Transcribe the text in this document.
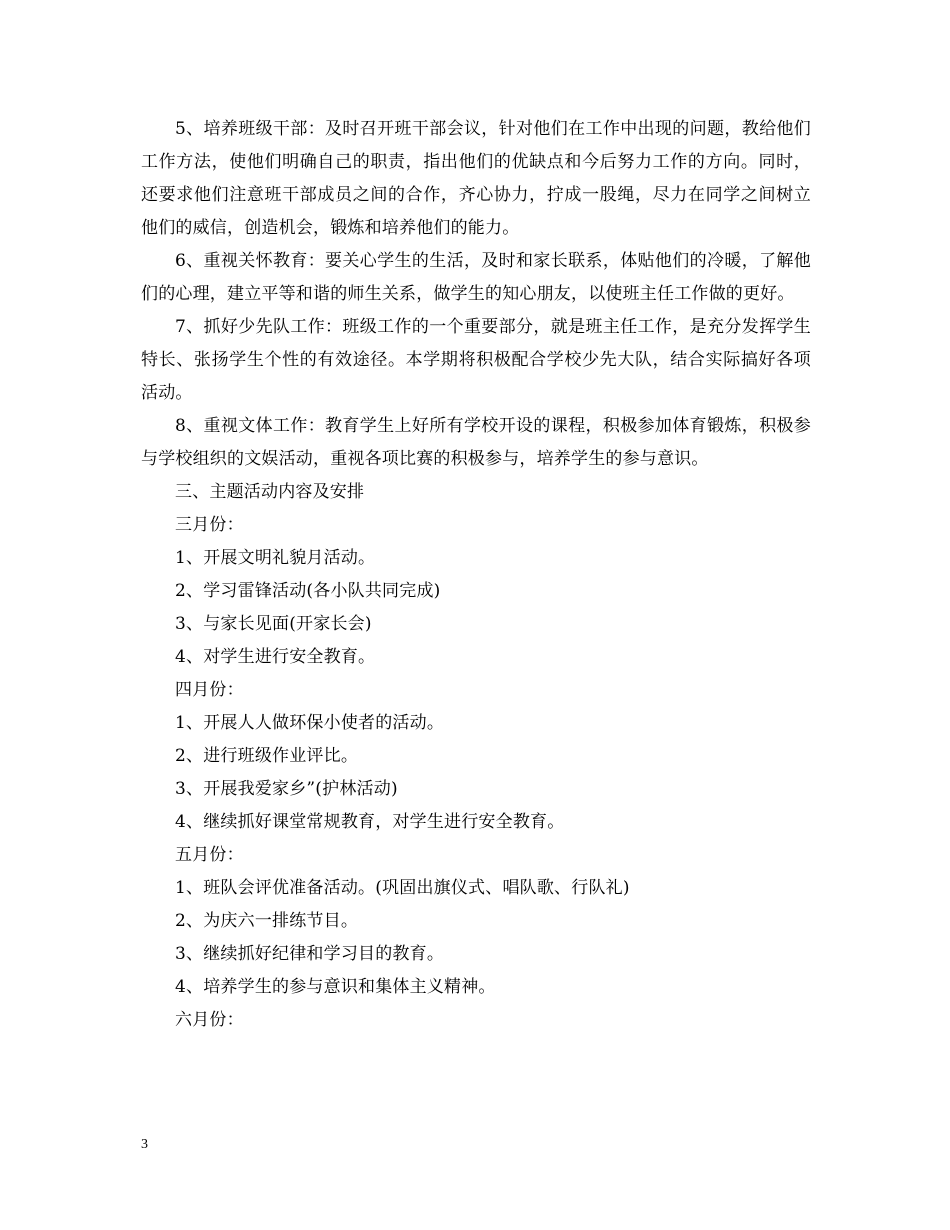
5、培养班级干部：及时召开班干部会议，针对他们在工作中出现的问题，教给他们工作方法，使他们明确自己的职责，指出他们的优缺点和今后努力工作的方向。同时，还要求他们注意班干部成员之间的合作，齐心协力，拧成一股绳，尽力在同学之间树立他们的威信，创造机会，锻炼和培养他们的能力。

6、重视关怀教育：要关心学生的生活，及时和家长联系，体贴他们的冷暖，了解他们的心理，建立平等和谐的师生关系，做学生的知心朋友，以使班主任工作做的更好。

7、抓好少先队工作：班级工作的一个重要部分，就是班主任工作，是充分发挥学生特长、张扬学生个性的有效途径。本学期将积极配合学校少先大队，结合实际搞好各项活动。

8、重视文体工作：教育学生上好所有学校开设的课程，积极参加体育锻炼，积极参与学校组织的文娱活动，重视各项比赛的积极参与，培养学生的参与意识。

三、主题活动内容及安排

三月份：

1、开展文明礼貌月活动。

2、学习雷锋活动(各小队共同完成)

3、与家长见面(开家长会)

4、对学生进行安全教育。

四月份：

1、开展人人做环保小使者的活动。

2、进行班级作业评比。

3、开展我爱家乡”(护林活动)

4、继续抓好课堂常规教育，对学生进行安全教育。

五月份：

1、班队会评优准备活动。(巩固出旗仪式、唱队歌、行队礼)

2、为庆六一排练节目。

3、继续抓好纪律和学习目的教育。

4、培养学生的参与意识和集体主义精神。

六月份：

3
